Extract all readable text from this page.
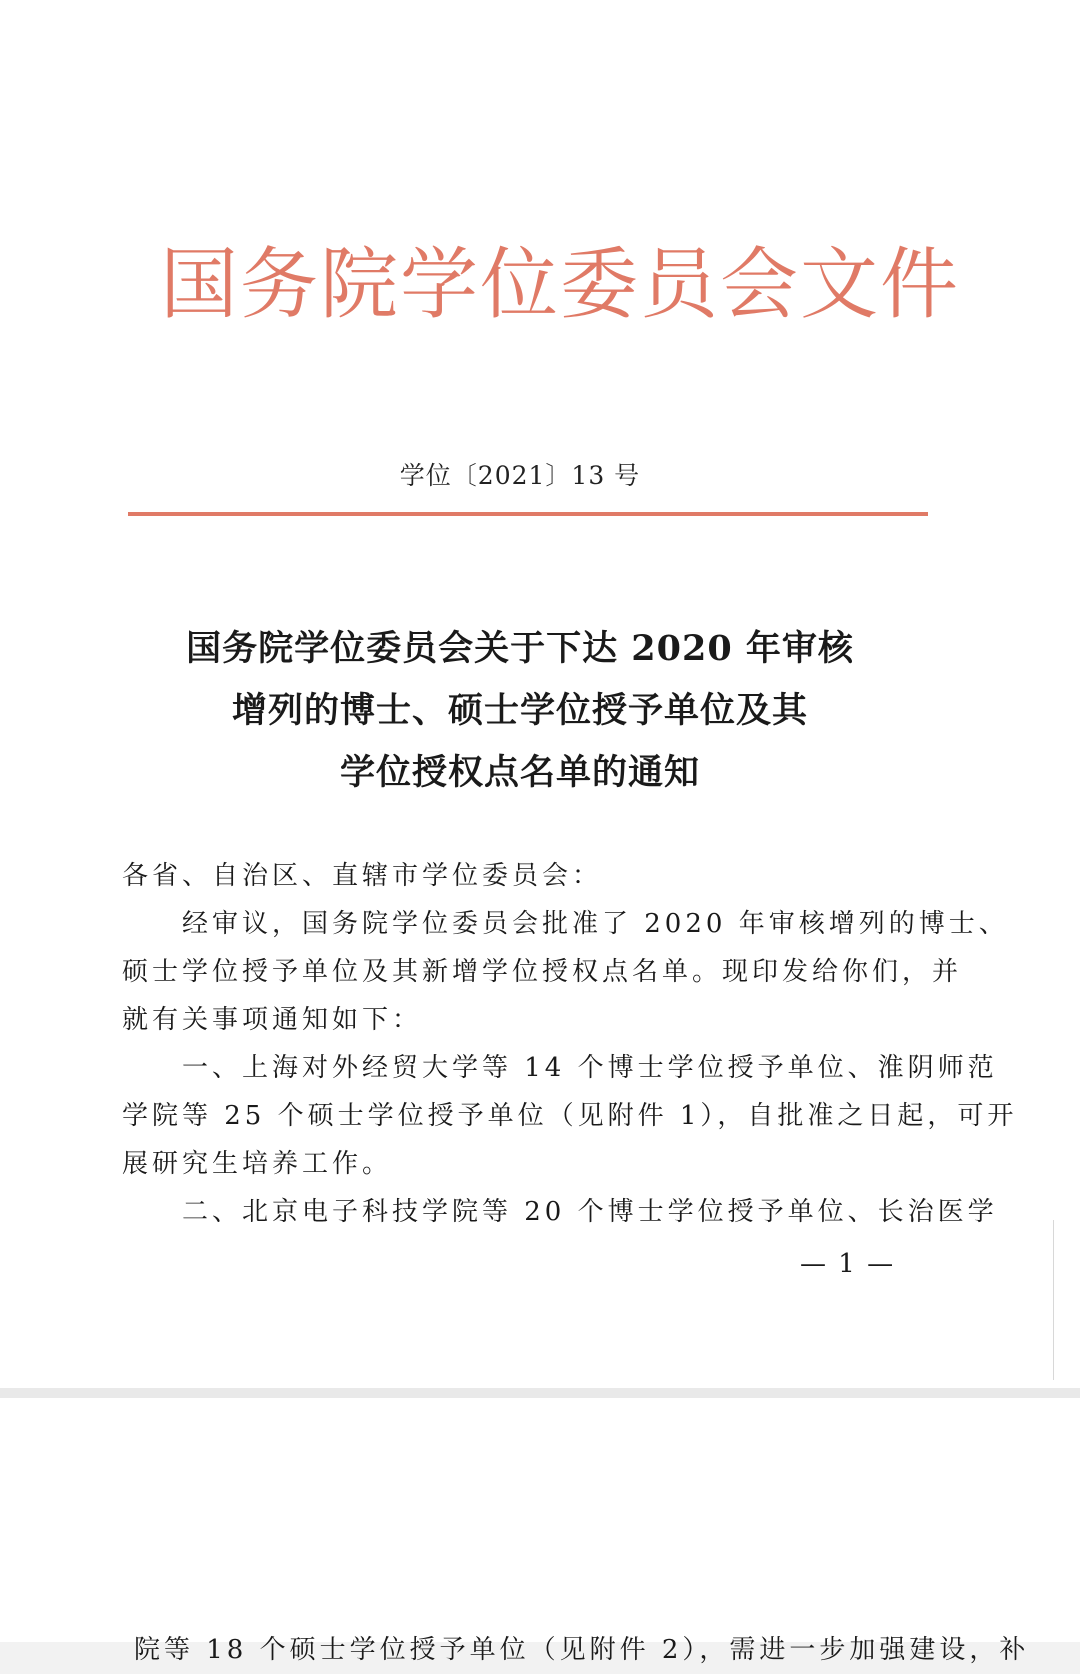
国务院学位委员会文件
学位〔2021〕13 号
国务院学位委员会关于下达 2020 年审核
增列的博士、硕士学位授予单位及其
学位授权点名单的通知
各省、自治区、直辖市学位委员会：
经审议，国务院学位委员会批准了 2020 年审核增列的博士、
硕士学位授予单位及其新增学位授权点名单。现印发给你们，并
就有关事项通知如下：
一、上海对外经贸大学等 14 个博士学位授予单位、淮阴师范
学院等 25 个硕士学位授予单位（见附件 1），自批准之日起，可开
展研究生培养工作。
二、北京电子科技学院等 20 个博士学位授予单位、长治医学
— 1 —
院等 18 个硕士学位授予单位（见附件 2），需进一步加强建设，补
